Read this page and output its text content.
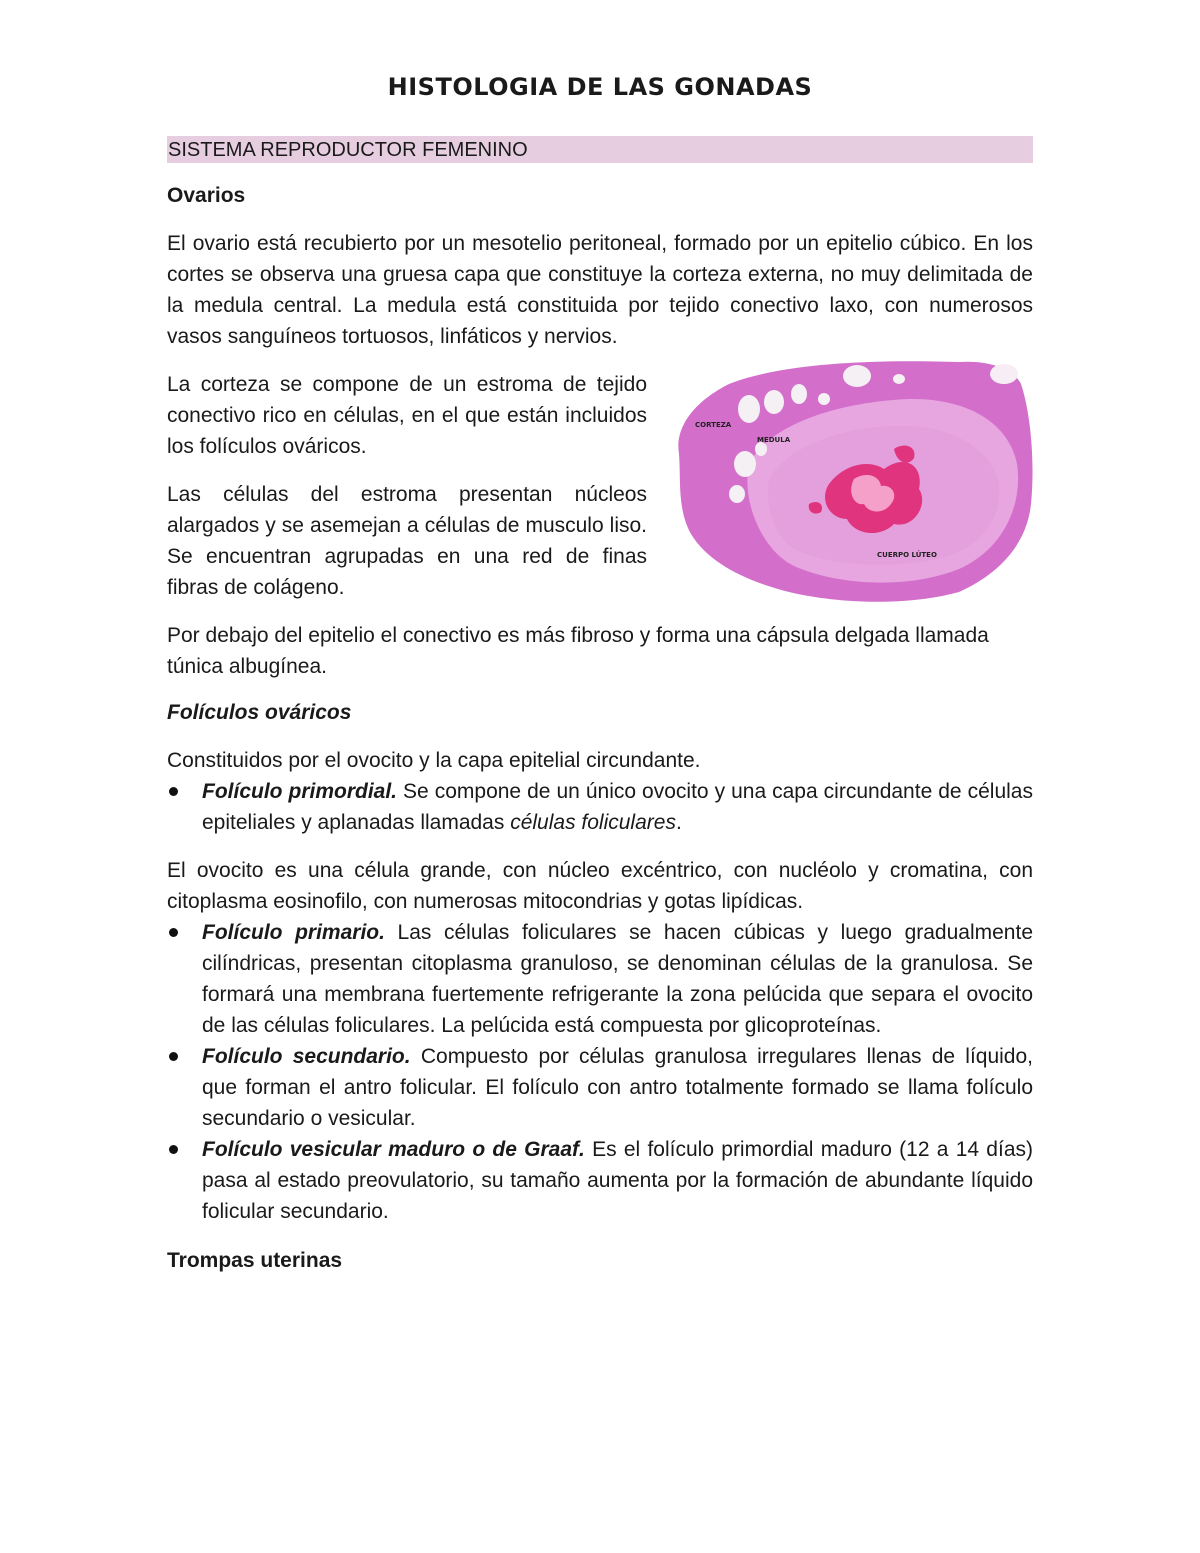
HISTOLOGIA DE LAS GONADAS
SISTEMA REPRODUCTOR FEMENINO
Ovarios

El ovario está recubierto por un mesotelio peritoneal, formado por un epitelio cúbico. En los cortes se observa una gruesa capa que constituye la corteza externa, no muy delimitada de la medula central. La medula está constituida por tejido conectivo laxo, con numerosos vasos sanguíneos tortuosos, linfáticos y nervios.

CORTEZA
MEDULA
CUERPO LÚTEO

La corteza se compone de un estroma de tejido conectivo rico en células, en el que están incluidos los folículos ováricos.

Las células del estroma presentan núcleos alargados y se asemejan a células de musculo liso. Se encuentran agrupadas en una red de finas fibras de colágeno.

Por debajo del epitelio el conectivo es más fibroso y forma una cápsula delgada llamada túnica albugínea.

Folículos ováricos

Constituidos por el ovocito y la capa epitelial circundante.

Folículo primordial. Se compone de un único ovocito y una capa circundante de células epiteliales y aplanadas llamadas células foliculares.

El ovocito es una célula grande, con núcleo excéntrico, con nucléolo y cromatina, con citoplasma eosinofilo, con numerosas mitocondrias y gotas lipídicas.

Folículo primario. Las células foliculares se hacen cúbicas y luego gradualmente cilíndricas, presentan citoplasma granuloso, se denominan células de la granulosa. Se formará una membrana fuertemente refrigerante la zona pelúcida que separa el ovocito de las células foliculares. La pelúcida está compuesta por glicoproteínas.
Folículo secundario. Compuesto por células granulosa irregulares llenas de líquido, que forman el antro folicular. El folículo con antro totalmente formado se llama folículo secundario o vesicular.
Folículo vesicular maduro o de Graaf. Es el folículo primordial maduro (12 a 14 días) pasa al estado preovulatorio, su tamaño aumenta por la formación de abundante líquido folicular secundario.
Trompas uterinas
